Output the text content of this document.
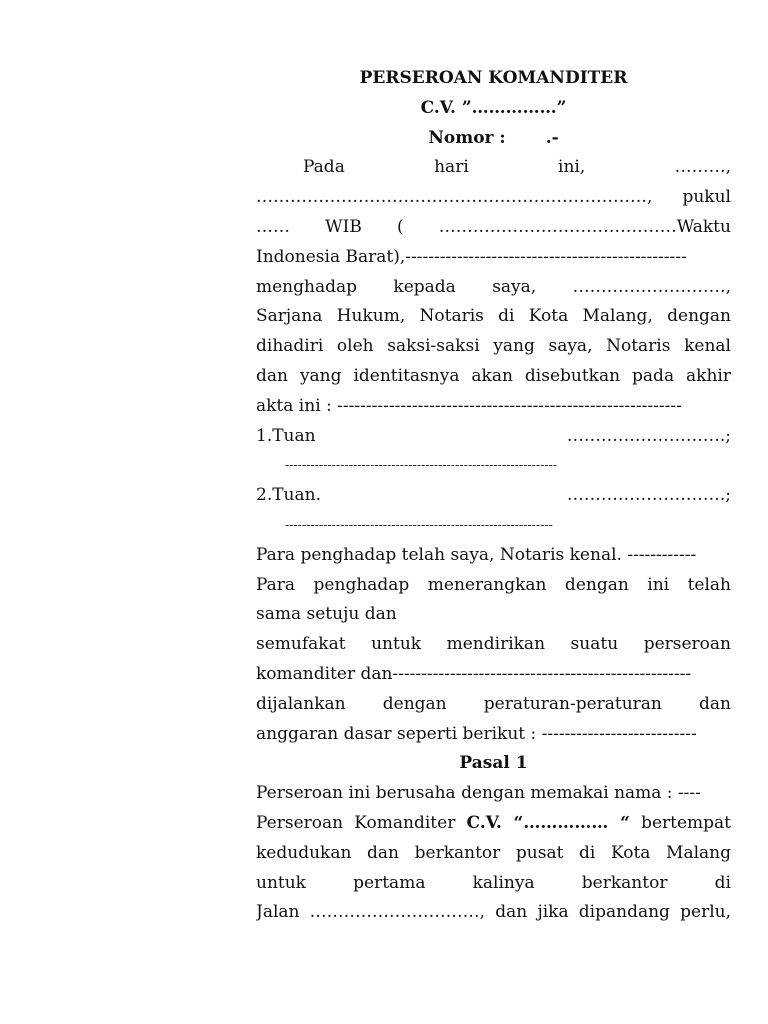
PERSEROAN KOMANDITER
C.V. ”……………”
Nomor : .-
Pada	hari	ini,	………,
……………………………………………………………, pukul
…… WIB ( ……………………………………Waktu
Indonesia Barat),-------------------------------------------------
menghadap kepada saya, ………………………,
Sarjana Hukum, Notaris di Kota Malang, dengan
dihadiri oleh saksi-saksi yang saya, Notaris kenal
dan yang identitasnya akan disebutkan pada akhir
akta ini : ------------------------------------------------------------
1.Tuan	……………………….;
----------------------------------------------------------------
2.Tuan.	……………………….;
---------------------------------------------------------------
Para penghadap telah saya, Notaris kenal. ------------
Para penghadap menerangkan dengan ini telah
sama setuju dan
semufakat untuk mendirikan suatu perseroan
komanditer dan----------------------------------------------------
dijalankan dengan peraturan-peraturan dan
anggaran dasar seperti berikut : ---------------------------
Pasal 1
Perseroan ini berusaha dengan memakai nama : ----
Perseroan Komanditer C.V. “…………… “ bertempat
kedudukan dan berkantor pusat di Kota Malang
untuk	pertama	kalinya	berkantor	di
Jalan …………………………, dan jika dipandang perlu,
